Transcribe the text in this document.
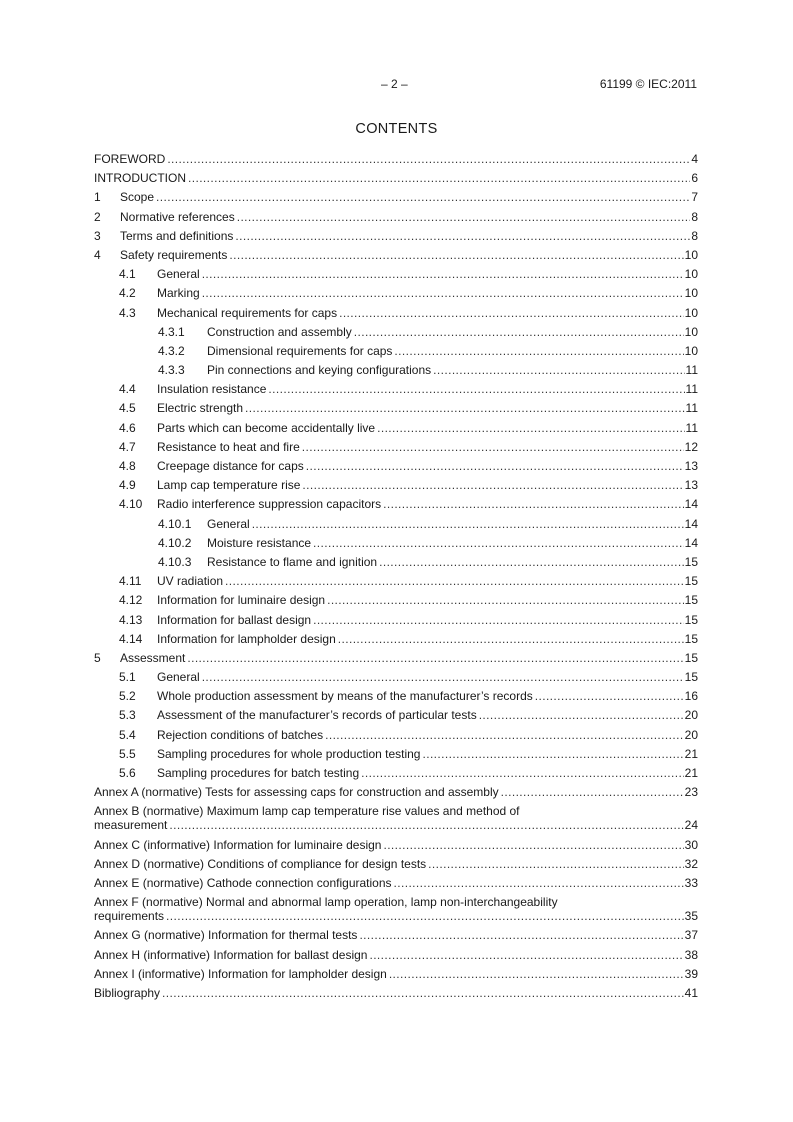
– 2 –	61199 © IEC:2011
CONTENTS
FOREWORD .....	4
INTRODUCTION .....	6
1	Scope .....	7
2	Normative references .....	8
3	Terms and definitions .....	8
4	Safety requirements .....	10
4.1	General .....	10
4.2	Marking .....	10
4.3	Mechanical requirements for caps .....	10
4.3.1	Construction and assembly .....	10
4.3.2	Dimensional requirements for caps .....	10
4.3.3	Pin connections and keying configurations .....	11
4.4	Insulation resistance .....	11
4.5	Electric strength .....	11
4.6	Parts which can become accidentally live .....	11
4.7	Resistance to heat and fire .....	12
4.8	Creepage distance for caps .....	13
4.9	Lamp cap temperature rise .....	13
4.10	Radio interference suppression capacitors .....	14
4.10.1	General .....	14
4.10.2	Moisture resistance .....	14
4.10.3	Resistance to flame and ignition .....	15
4.11	UV radiation .....	15
4.12	Information for luminaire design .....	15
4.13	Information for ballast design .....	15
4.14	Information for lampholder design .....	15
5	Assessment .....	15
5.1	General .....	15
5.2	Whole production assessment by means of the manufacturer’s records .....	16
5.3	Assessment of the manufacturer’s records of particular tests .....	20
5.4	Rejection conditions of batches .....	20
5.5	Sampling procedures for whole production testing .....	21
5.6	Sampling procedures for batch testing .....	21
Annex A (normative) Tests for assessing caps for construction and assembly .....	23
Annex B (normative) Maximum lamp cap temperature rise values and method of
measurement .....	24
Annex C (informative) Information for luminaire design .....	30
Annex D (normative) Conditions of compliance for design tests .....	32
Annex E (normative) Cathode connection configurations .....	33
Annex F (normative) Normal and abnormal lamp operation, lamp non-interchangeability
requirements .....	35
Annex G (normative) Information for thermal tests .....	37
Annex H (informative) Information for ballast design .....	38
Annex I (informative) Information for lampholder design .....	39
Bibliography .....	41
